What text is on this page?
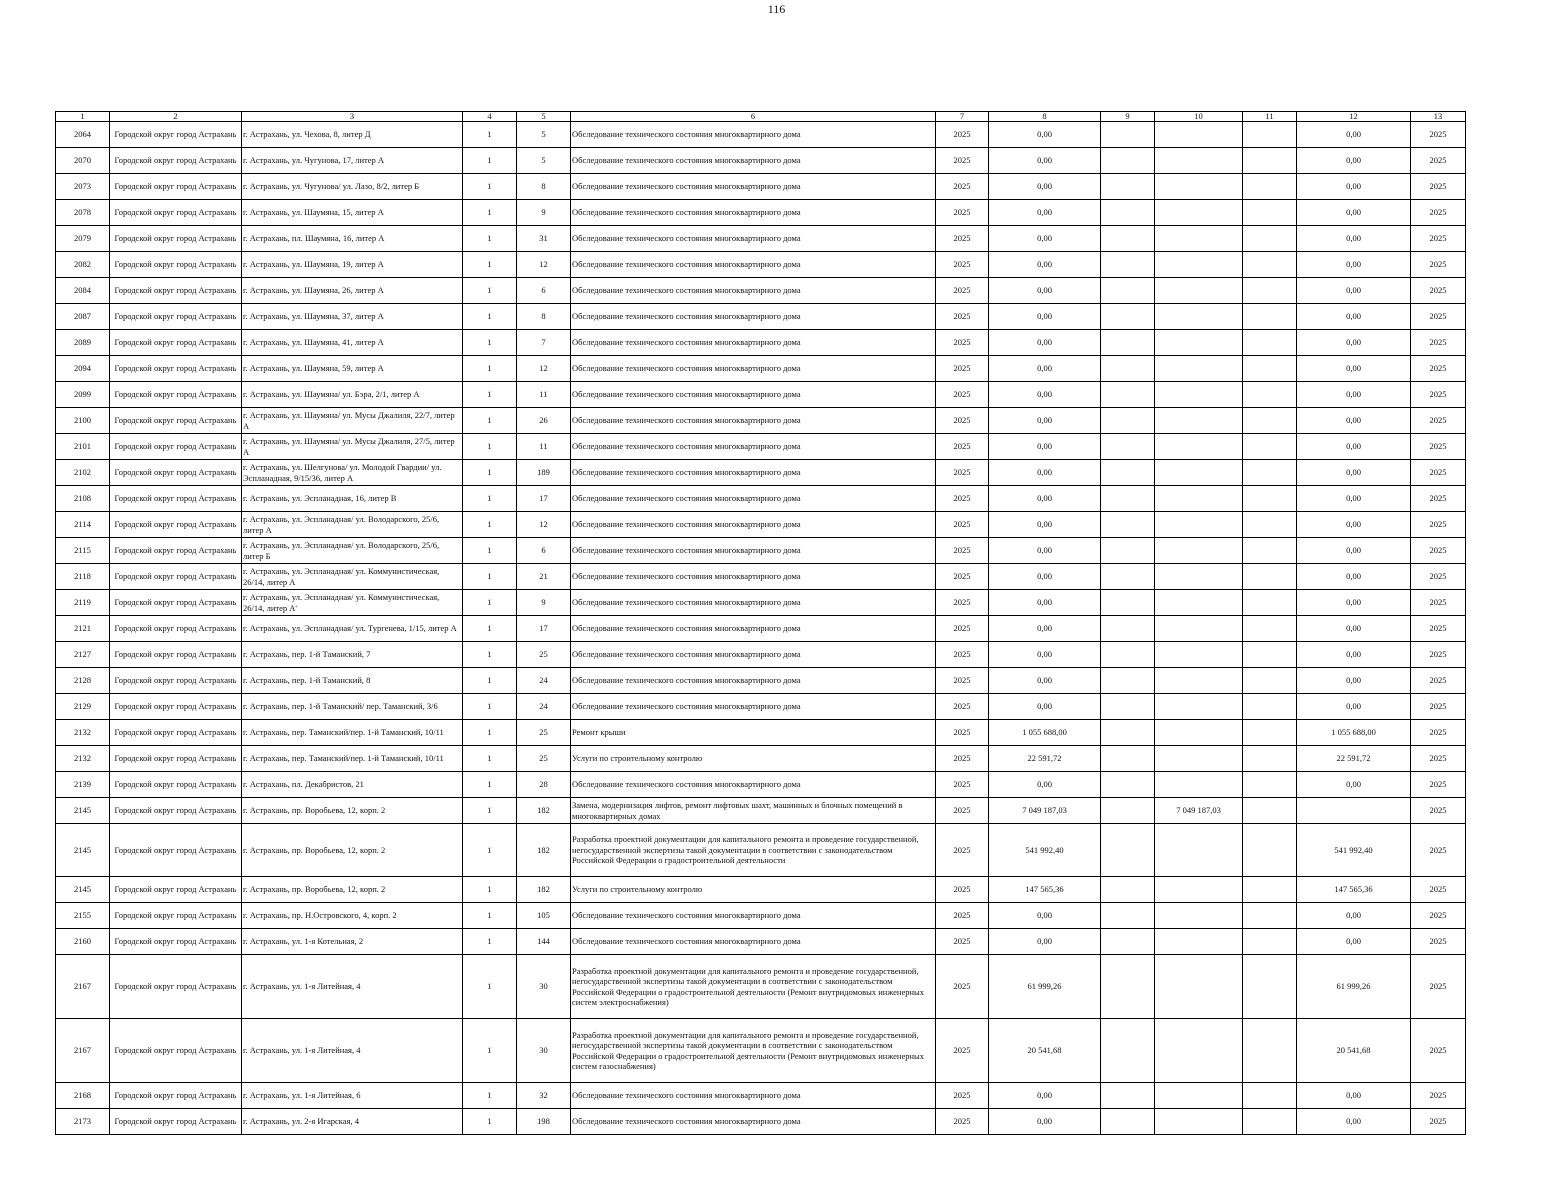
116
1	2	3	4	5	6	7	8	9	10	11	12	13
2064	Городской округ город Астрахань	г. Астрахань, ул. Чехова, 8, литер Д	1	5	Обследование технического состояния многоквартирного дома	2025	0,00				0,00	2025
2070	Городской округ город Астрахань	г. Астрахань, ул. Чугунова, 17, литер А	1	5	Обследование технического состояния многоквартирного дома	2025	0,00				0,00	2025
2073	Городской округ город Астрахань	г. Астрахань, ул. Чугунова/ ул. Лазо, 8/2, литер Б	1	8	Обследование технического состояния многоквартирного дома	2025	0,00				0,00	2025
2078	Городской округ город Астрахань	г. Астрахань, ул. Шаумяна, 15, литер А	1	9	Обследование технического состояния многоквартирного дома	2025	0,00				0,00	2025
2079	Городской округ город Астрахань	г. Астрахань, пл. Шаумяна, 16, литер А	1	31	Обследование технического состояния многоквартирного дома	2025	0,00				0,00	2025
2082	Городской округ город Астрахань	г. Астрахань, ул. Шаумяна, 19, литер А	1	12	Обследование технического состояния многоквартирного дома	2025	0,00				0,00	2025
2084	Городской округ город Астрахань	г. Астрахань, ул. Шаумяна, 26, литер А	1	6	Обследование технического состояния многоквартирного дома	2025	0,00				0,00	2025
2087	Городской округ город Астрахань	г. Астрахань, ул. Шаумяна, 37, литер А	1	8	Обследование технического состояния многоквартирного дома	2025	0,00				0,00	2025
2089	Городской округ город Астрахань	г. Астрахань, ул. Шаумяна, 41, литер А	1	7	Обследование технического состояния многоквартирного дома	2025	0,00				0,00	2025
2094	Городской округ город Астрахань	г. Астрахань, ул. Шаумяна, 59, литер А	1	12	Обследование технического состояния многоквартирного дома	2025	0,00				0,00	2025
2099	Городской округ город Астрахань	г. Астрахань, ул. Шаумяна/ ул. Бэра, 2/1, литер А	1	11	Обследование технического состояния многоквартирного дома	2025	0,00				0,00	2025
2100	Городской округ город Астрахань	г. Астрахань, ул. Шаумяна/ ул. Мусы Джалиля, 22/7, литер А	1	26	Обследование технического состояния многоквартирного дома	2025	0,00				0,00	2025
2101	Городской округ город Астрахань	г. Астрахань, ул. Шаумяна/ ул. Мусы Джалиля, 27/5, литер А	1	11	Обследование технического состояния многоквартирного дома	2025	0,00				0,00	2025
2102	Городской округ город Астрахань	г. Астрахань, ул. Шелгунова/ ул. Молодой Гвардии/ ул. Эспланадная, 9/15/36, литер А	1	189	Обследование технического состояния многоквартирного дома	2025	0,00				0,00	2025
2108	Городской округ город Астрахань	г. Астрахань, ул. Эспланадная, 16, литер В	1	17	Обследование технического состояния многоквартирного дома	2025	0,00				0,00	2025
2114	Городской округ город Астрахань	г. Астрахань, ул. Эспланадная/ ул. Володарского, 25/6, литер А	1	12	Обследование технического состояния многоквартирного дома	2025	0,00				0,00	2025
2115	Городской округ город Астрахань	г. Астрахань, ул. Эспланадная/ ул. Володарского, 25/6, литер Б	1	6	Обследование технического состояния многоквартирного дома	2025	0,00				0,00	2025
2118	Городской округ город Астрахань	г. Астрахань, ул. Эспланадная/ ул. Коммунистическая, 26/14, литер А	1	21	Обследование технического состояния многоквартирного дома	2025	0,00				0,00	2025
2119	Городской округ город Астрахань	г. Астрахань, ул. Эспланадная/ ул. Коммунистическая, 26/14, литер А'	1	9	Обследование технического состояния многоквартирного дома	2025	0,00				0,00	2025
2121	Городской округ город Астрахань	г. Астрахань, ул. Эспланадная/ ул. Тургенева, 1/15, литер А	1	17	Обследование технического состояния многоквартирного дома	2025	0,00				0,00	2025
2127	Городской округ город Астрахань	г. Астрахань, пер. 1-й Таманский, 7	1	25	Обследование технического состояния многоквартирного дома	2025	0,00				0,00	2025
2128	Городской округ город Астрахань	г. Астрахань, пер. 1-й Таманский, 8	1	24	Обследование технического состояния многоквартирного дома	2025	0,00				0,00	2025
2129	Городской округ город Астрахань	г. Астрахань, пер. 1-й Таманский/ пер. Таманский, 3/6	1	24	Обследование технического состояния многоквартирного дома	2025	0,00				0,00	2025
2132	Городской округ город Астрахань	г. Астрахань, пер. Таманский/пер. 1-й Таманский, 10/11	1	25	Ремонт крыши	2025	1 055 688,00				1 055 688,00	2025
2132	Городской округ город Астрахань	г. Астрахань, пер. Таманский/пер. 1-й Таманский, 10/11	1	25	Услуги по строительному контролю	2025	22 591,72				22 591,72	2025
2139	Городской округ город Астрахань	г. Астрахань, пл. Декабристов, 21	1	28	Обследование технического состояния многоквартирного дома	2025	0,00				0,00	2025
2145	Городской округ город Астрахань	г. Астрахань, пр. Воробьева, 12, корп. 2	1	182	Замена, модернизация лифтов, ремонт лифтовых шахт, машинных и блочных помещений в многоквартирных домах	2025	7 049 187,03		7 049 187,03			2025
2145	Городской округ город Астрахань	г. Астрахань, пр. Воробьева, 12, корп. 2	1	182	Разработка проектной документации для капитального ремонта и проведение государственной, негосударственной экспертизы такой документации в соответствии с законодательством Российской Федерации о градостроительной деятельности	2025	541 992,40				541 992,40	2025
2145	Городской округ город Астрахань	г. Астрахань, пр. Воробьева, 12, корп. 2	1	182	Услуги по строительному контролю	2025	147 565,36				147 565,36	2025
2155	Городской округ город Астрахань	г. Астрахань, пр. Н.Островского, 4, корп. 2	1	105	Обследование технического состояния многоквартирного дома	2025	0,00				0,00	2025
2160	Городской округ город Астрахань	г. Астрахань, ул. 1-я Котельная, 2	1	144	Обследование технического состояния многоквартирного дома	2025	0,00				0,00	2025
2167	Городской округ город Астрахань	г. Астрахань, ул. 1-я Литейная, 4	1	30	Разработка проектной документации для капитального ремонта и проведение государственной, негосударственной экспертизы такой документации в соответствии с законодательством Российской Федерации о градостроительной деятельности (Ремонт внутридомовых инженерных систем электроснабжения)	2025	61 999,26				61 999,26	2025
2167	Городской округ город Астрахань	г. Астрахань, ул. 1-я Литейная, 4	1	30	Разработка проектной документации для капитального ремонта и проведение государственной, негосударственной экспертизы такой документации в соответствии с законодательством Российской Федерации о градостроительной деятельности (Ремонт внутридомовых инженерных систем газоснабжения)	2025	20 541,68				20 541,68	2025
2168	Городской округ город Астрахань	г. Астрахань, ул. 1-я Литейная, 6	1	32	Обследование технического состояния многоквартирного дома	2025	0,00				0,00	2025
2173	Городской округ город Астрахань	г. Астрахань, ул. 2-я Игарская, 4	1	198	Обследование технического состояния многоквартирного дома	2025	0,00				0,00	2025
